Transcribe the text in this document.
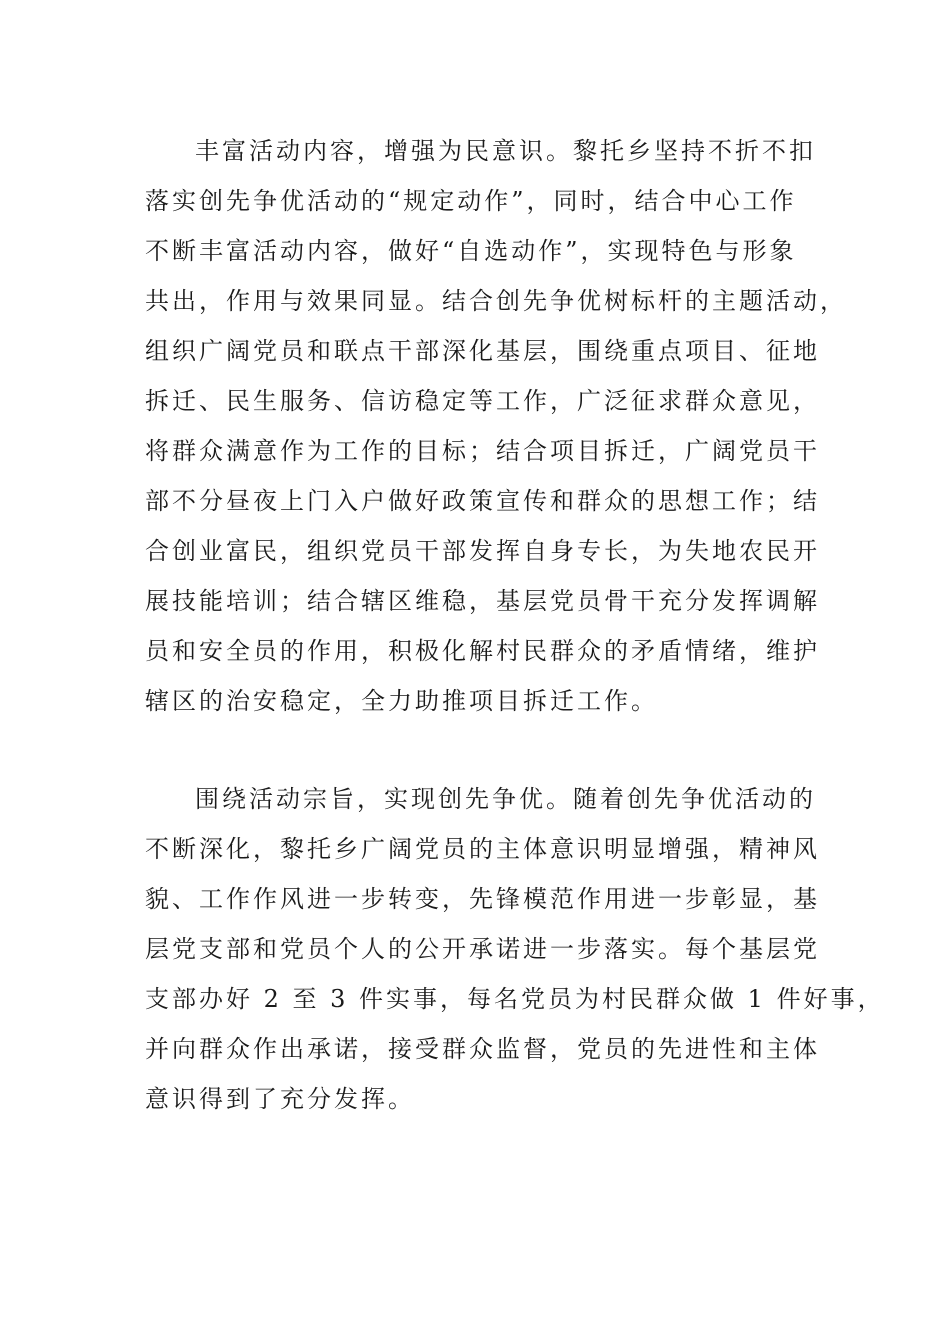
丰富活动内容，增强为民意识。黎托乡坚持不折不扣
落实创先争优活动的“规定动作”，同时，结合中心工作
不断丰富活动内容，做好“自选动作”，实现特色与形象
共出，作用与效果同显。结合创先争优树标杆的主题活动，
组织广阔党员和联点干部深化基层，围绕重点项目、征地
拆迁、民生服务、信访稳定等工作，广泛征求群众意见，
将群众满意作为工作的目标；结合项目拆迁，广阔党员干
部不分昼夜上门入户做好政策宣传和群众的思想工作；结
合创业富民，组织党员干部发挥自身专长，为失地农民开
展技能培训；结合辖区维稳，基层党员骨干充分发挥调解
员和安全员的作用，积极化解村民群众的矛盾情绪，维护
辖区的治安稳定，全力助推项目拆迁工作。
围绕活动宗旨，实现创先争优。随着创先争优活动的
不断深化，黎托乡广阔党员的主体意识明显增强，精神风
貌、工作作风进一步转变，先锋模范作用进一步彰显，基
层党支部和党员个人的公开承诺进一步落实。每个基层党
支部办好 2 至 3 件实事，每名党员为村民群众做 1 件好事，
并向群众作出承诺，接受群众监督，党员的先进性和主体
意识得到了充分发挥。
